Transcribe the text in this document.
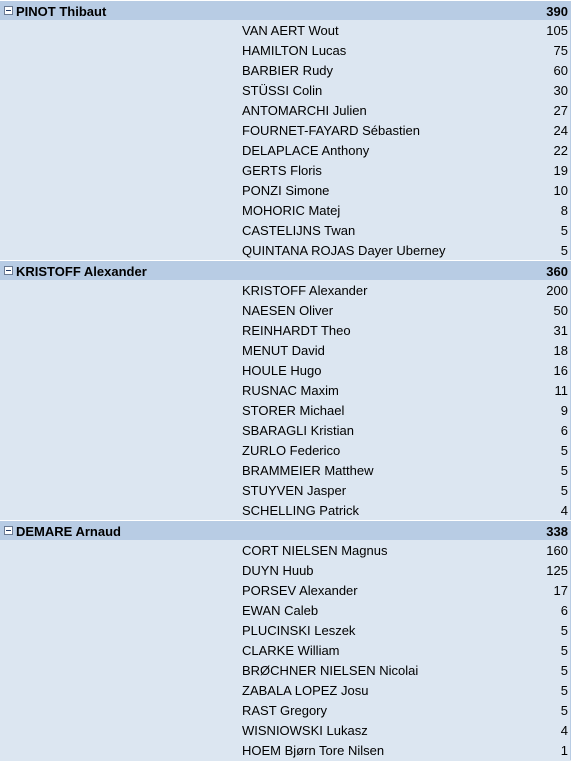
PINOT Thibaut	390
VAN AERT Wout	105
HAMILTON Lucas	75
BARBIER Rudy	60
STÜSSI Colin	30
ANTOMARCHI Julien	27
FOURNET-FAYARD Sébastien	24
DELAPLACE Anthony	22
GERTS Floris	19
PONZI Simone	10
MOHORIC Matej	8
CASTELIJNS Twan	5
QUINTANA ROJAS Dayer Uberney	5
KRISTOFF Alexander	360
KRISTOFF Alexander	200
NAESEN Oliver	50
REINHARDT Theo	31
MENUT David	18
HOULE Hugo	16
RUSNAC Maxim	11
STORER Michael	9
SBARAGLI Kristian	6
ZURLO Federico	5
BRAMMEIER Matthew	5
STUYVEN Jasper	5
SCHELLING Patrick	4
DEMARE Arnaud	338
CORT NIELSEN Magnus	160
DUYN Huub	125
PORSEV Alexander	17
EWAN Caleb	6
PLUCINSKI Leszek	5
CLARKE William	5
BRØCHNER NIELSEN Nicolai	5
ZABALA LOPEZ Josu	5
RAST Gregory	5
WISNIOWSKI Lukasz	4
HOEM Bjørn Tore Nilsen	1
